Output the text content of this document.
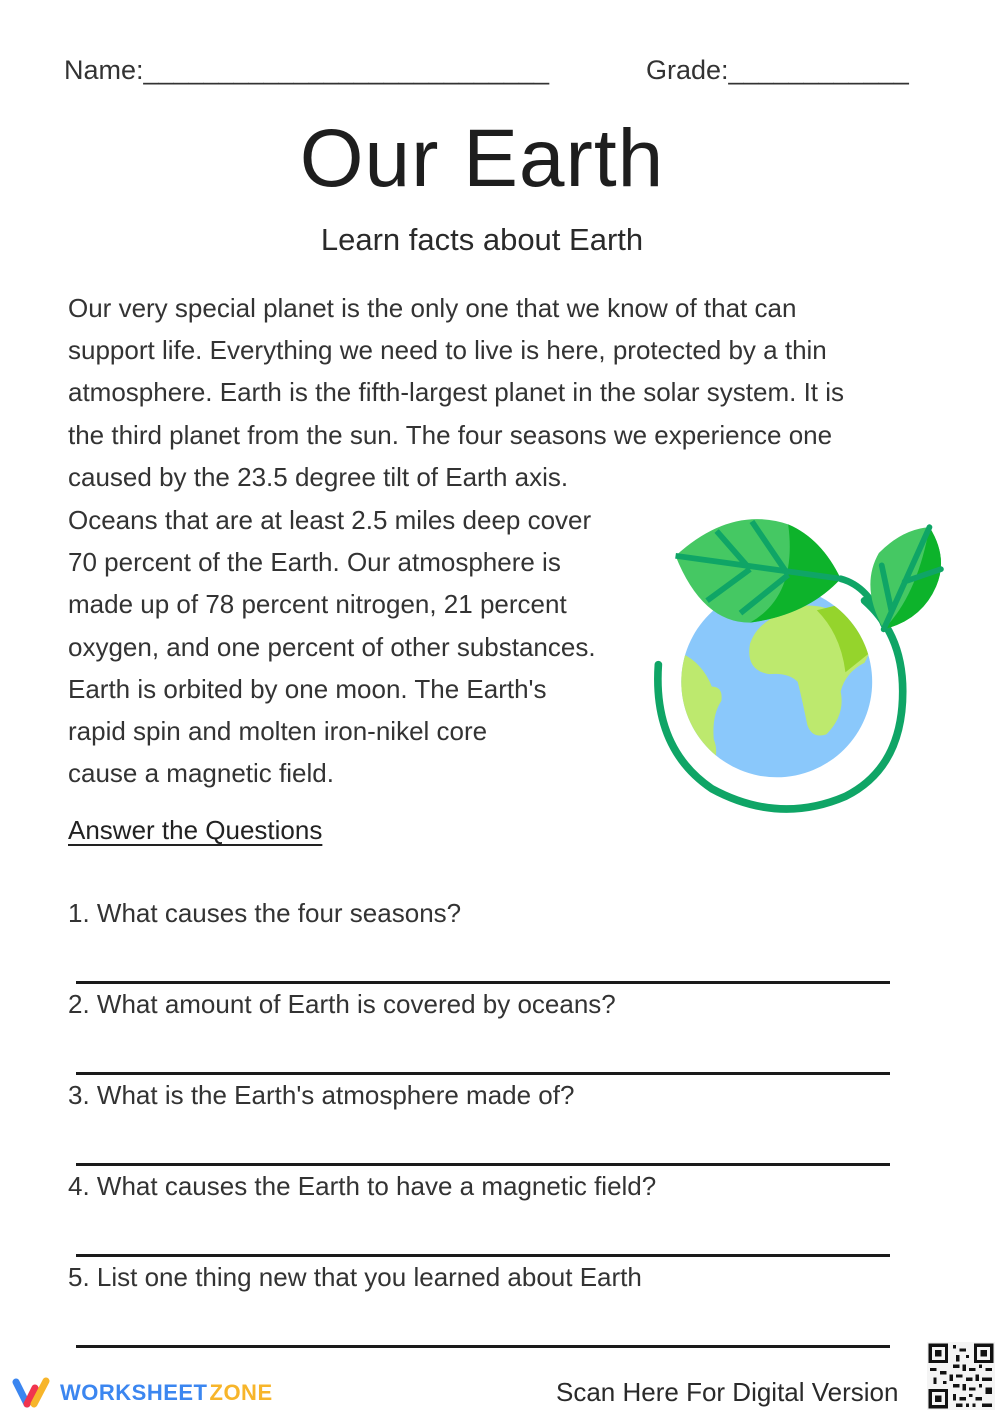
Name:___________________________	Grade:____________
Our Earth
Learn facts about Earth
Our very special planet is the only one that we know of that can
support life. Everything we need to live is here, protected by a thin
atmosphere. Earth is the fifth-largest planet in the solar system. It is
the third planet from the sun. The four seasons we experience one
caused by the 23.5 degree tilt of Earth axis.
Oceans that are at least 2.5 miles deep cover
70 percent of the Earth. Our atmosphere is
made up of 78 percent nitrogen, 21 percent
oxygen, and one percent of other substances.
Earth is orbited by one moon. The Earth's
rapid spin and molten iron-nikel core
cause a magnetic field.
Answer the Questions
1. What causes the four seasons?
2. What amount of Earth is covered by oceans?
3. What is the Earth's atmosphere made of?
4. What causes the Earth to have a magnetic field?
5. List one thing new that you learned about Earth
WORKSHEET ZONE	Scan Here For Digital Version
